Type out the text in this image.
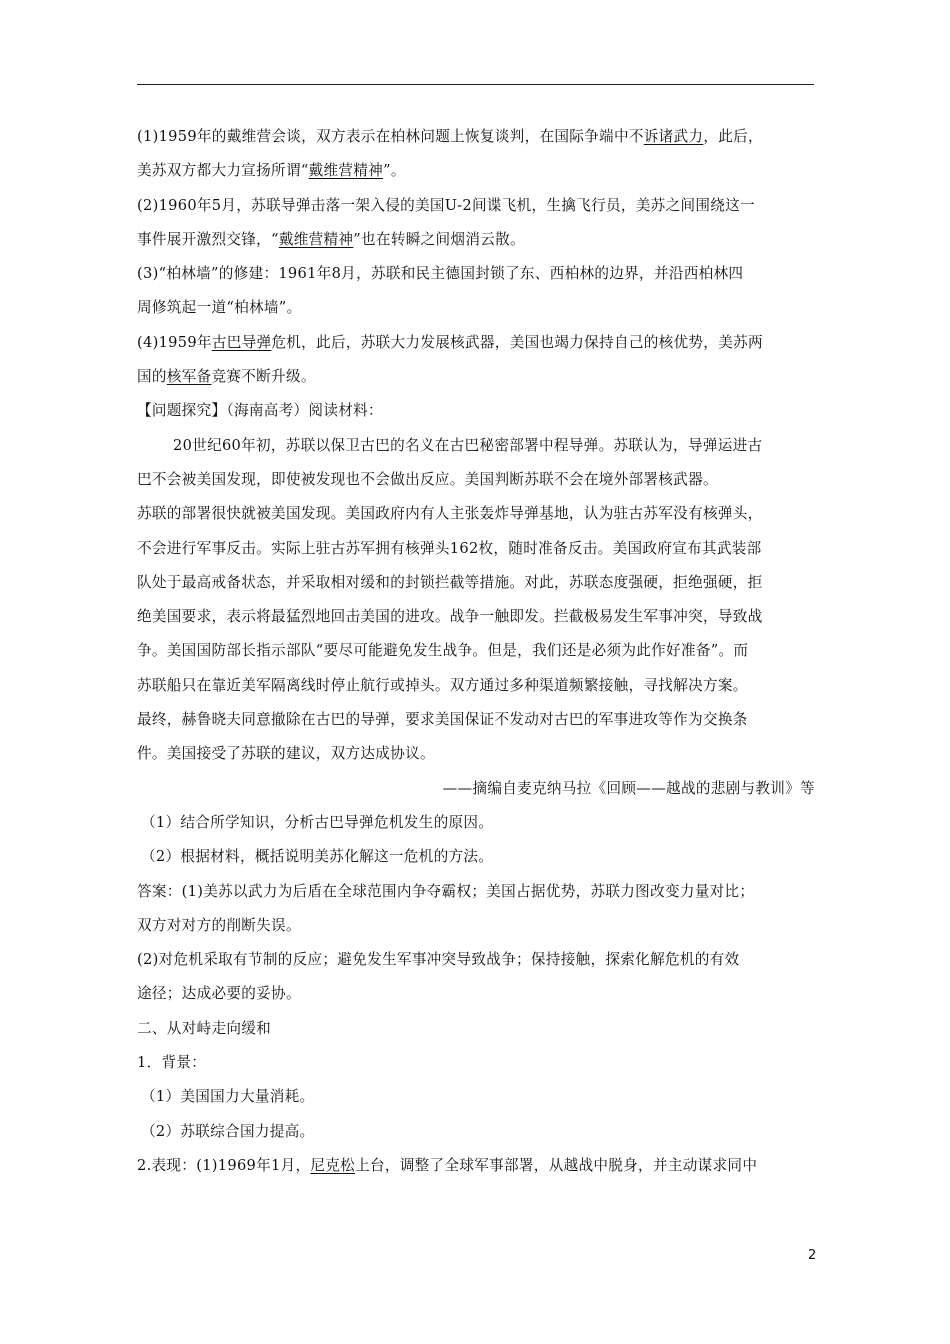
(1)1959年的戴维营会谈，双方表示在柏林问题上恢复谈判，在国际争端中不诉诸武力，此后，
美苏双方都大力宣扬所谓“戴维营精神”。
(2)1960年5月，苏联导弹击落一架入侵的美国U-2间谍飞机，生擒飞行员，美苏之间围绕这一
事件展开激烈交锋，“戴维营精神”也在转瞬之间烟消云散。
(3)“柏林墙”的修建：1961年8月，苏联和民主德国封锁了东、西柏林的边界，并沿西柏林四
周修筑起一道“柏林墙”。
(4)1959年古巴导弹危机，此后，苏联大力发展核武器，美国也竭力保持自己的核优势，美苏两
国的核军备竞赛不断升级。
【问题探究】（海南高考）阅读材料：
20世纪60年初，苏联以保卫古巴的名义在古巴秘密部署中程导弹。苏联认为，导弹运进古
巴不会被美国发现，即使被发现也不会做出反应。美国判断苏联不会在境外部署核武器。
苏联的部署很快就被美国发现。美国政府内有人主张轰炸导弹基地，认为驻古苏军没有核弹头，
不会进行军事反击。实际上驻古苏军拥有核弹头162枚，随时准备反击。美国政府宣布其武装部
队处于最高戒备状态，并采取相对缓和的封锁拦截等措施。对此，苏联态度强硬，拒绝强硬，拒
绝美国要求，表示将最猛烈地回击美国的进攻。战争一触即发。拦截极易发生军事冲突，导致战
争。美国国防部长指示部队“要尽可能避免发生战争。但是，我们还是必须为此作好准备”。而
苏联船只在靠近美军隔离线时停止航行或掉头。双方通过多种渠道频繁接触，寻找解决方案。
最终，赫鲁晓夫同意撤除在古巴的导弹，要求美国保证不发动对古巴的军事进攻等作为交换条
件。美国接受了苏联的建议，双方达成协议。
——摘编自麦克纳马拉《回顾——越战的悲剧与教训》等
（1）结合所学知识，分析古巴导弹危机发生的原因。
（2）根据材料，概括说明美苏化解这一危机的方法。
答案：(1)美苏以武力为后盾在全球范围内争夺霸权；美国占据优势，苏联力图改变力量对比；
双方对对方的削断失误。
(2)对危机采取有节制的反应；避免发生军事冲突导致战争；保持接触，探索化解危机的有效
途径；达成必要的妥协。
二、从对峙走向缓和
1．背景：
（1）美国国力大量消耗。
（2）苏联综合国力提高。
2.表现：(1)1969年1月，尼克松上台，调整了全球军事部署，从越战中脱身，并主动谋求同中
2
